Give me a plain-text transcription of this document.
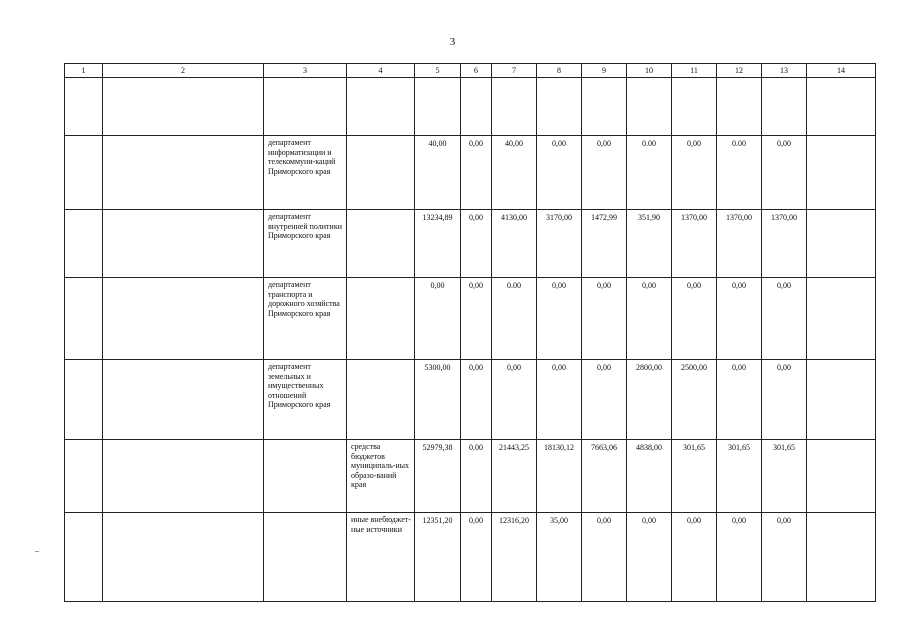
3
1	2	3	4	5	6	7	8	9	10	11	12	13	14

		департамент информатизации и телекоммуни-каций Приморского края		40,00	0,00	40,00	0,00	0,00	0.00	0,00	0.00	0,00	
		департамент внутренней политики Приморского края		13234,89	0,00	4130,00	3170,00	1472,99	351,90	1370,00	1370,00	1370,00	
		департамент транспорта и дорожного хозяйства Приморского края		0,00	0,00	0.00	0,00	0,00	0,00	0,00	0,00	0,00	
		департамент земельных и имущественных отношений Приморского края		5300,00	0,00	0,00	0,00	0,00	2800,00	2500,00	0,00	0,00	
			средства бюджетов муниципаль-ных образо-ваний края	52979,38	0.00	21443,25	18130,12	7663,06	4838,00	301,65	301,65	301,65	
			иные внебюджет-ные источники	12351,20	0,00	12316,20	35,00	0,00	0,00	0,00	0,00	0,00	
